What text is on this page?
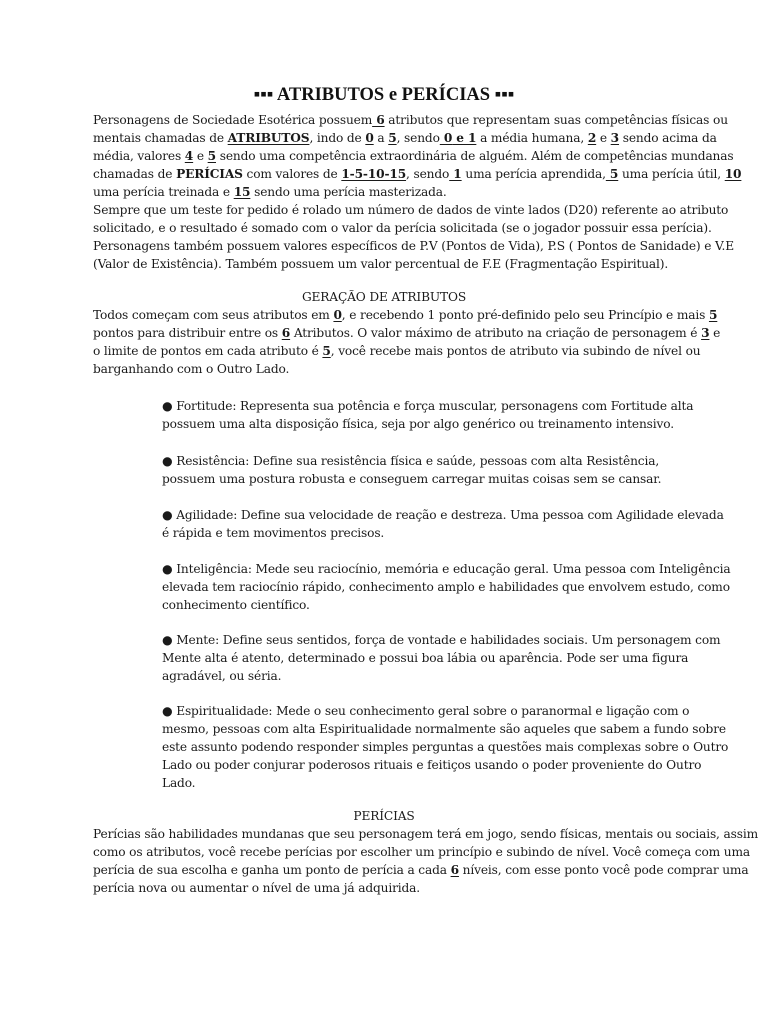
▪▪▪ ATRIBUTOS e PERÍCIAS ▪▪▪
Personagens de Sociedade Esotérica possuem 6 atributos que representam suas competências físicas ou
mentais chamadas de ATRIBUTOS, indo de 0 a 5, sendo 0 e 1 a média humana, 2 e 3 sendo acima da
média, valores 4 e 5 sendo uma competência extraordinária de alguém. Além de competências mundanas
chamadas de PERÍCIAS com valores de 1-5-10-15, sendo 1 uma perícia aprendida, 5 uma perícia útil, 10
uma perícia treinada e 15 sendo uma perícia masterizada.
Sempre que um teste for pedido é rolado um número de dados de vinte lados (D20) referente ao atributo
solicitado, e o resultado é somado com o valor da perícia solicitada (se o jogador possuir essa perícia).
Personagens também possuem valores específicos de P.V (Pontos de Vida), P.S ( Pontos de Sanidade) e V.E
(Valor de Existência). Também possuem um valor percentual de F.E (Fragmentação Espiritual).
GERAÇÃO DE ATRIBUTOS
Todos começam com seus atributos em 0, e recebendo 1 ponto pré-definido pelo seu Princípio e mais 5
pontos para distribuir entre os 6 Atributos. O valor máximo de atributo na criação de personagem é 3 e
o limite de pontos em cada atributo é 5, você recebe mais pontos de atributo via subindo de nível ou
barganhando com o Outro Lado.
● Fortitude: Representa sua potência e força muscular, personagens com Fortitude alta
possuem uma alta disposição física, seja por algo genérico ou treinamento intensivo.
● Resistência: Define sua resistência física e saúde, pessoas com alta Resistência,
possuem uma postura robusta e conseguem carregar muitas coisas sem se cansar.
● Agilidade: Define sua velocidade de reação e destreza. Uma pessoa com Agilidade elevada
é rápida e tem movimentos precisos.
● Inteligência: Mede seu raciocínio, memória e educação geral. Uma pessoa com Inteligência
elevada tem raciocínio rápido, conhecimento amplo e habilidades que envolvem estudo, como
conhecimento científico.
● Mente: Define seus sentidos, força de vontade e habilidades sociais. Um personagem com
Mente alta é atento, determinado e possui boa lábia ou aparência. Pode ser uma figura
agradável, ou séria.
● Espiritualidade: Mede o seu conhecimento geral sobre o paranormal e ligação com o
mesmo, pessoas com alta Espiritualidade normalmente são aqueles que sabem a fundo sobre
este assunto podendo responder simples perguntas a questões mais complexas sobre o Outro
Lado ou poder conjurar poderosos rituais e feitiços usando o poder proveniente do Outro
Lado.
PERÍCIAS
Perícias são habilidades mundanas que seu personagem terá em jogo, sendo físicas, mentais ou sociais, assim
como os atributos, você recebe perícias por escolher um princípio e subindo de nível. Você começa com uma
perícia de sua escolha e ganha um ponto de perícia a cada 6 níveis, com esse ponto você pode comprar uma
perícia nova ou aumentar o nível de uma já adquirida.
